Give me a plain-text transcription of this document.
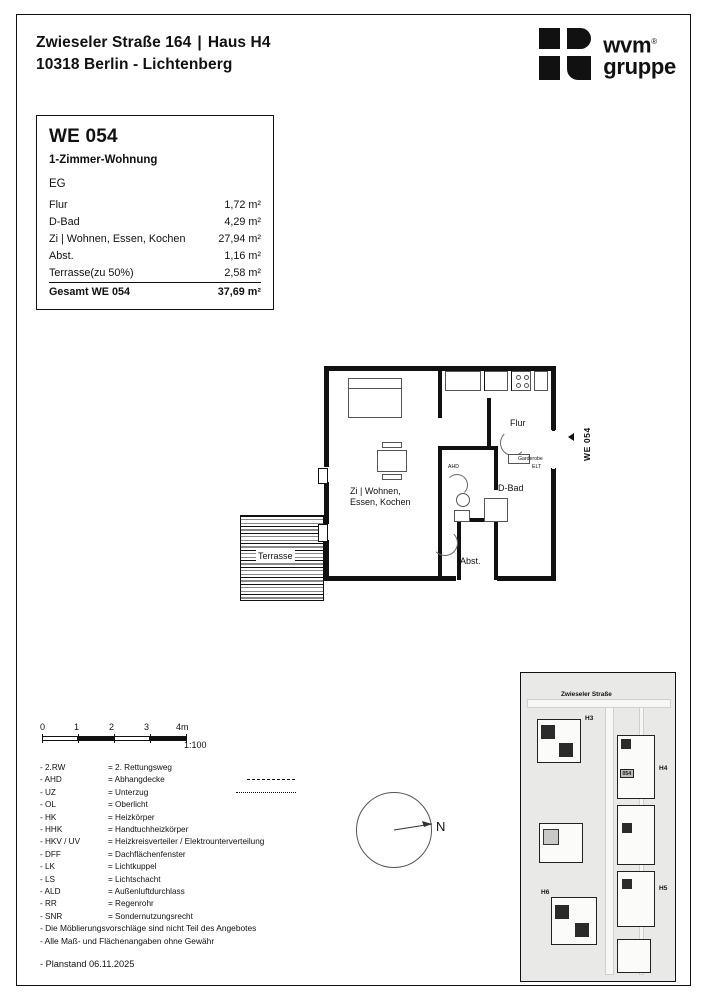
Zwieseler Straße 164 | Haus H4
10318 Berlin - Lichtenberg
wvm®
gruppe
WE 054
1-Zimmer-Wohnung
EG
Flur	1,72 m²
D-Bad	4,29 m²
Zi | Wohnen, Essen, Kochen	27,94 m²
Abst.	1,16 m²
Terrasse(zu 50%)	2,58 m²
Gesamt WE 054	37,69 m²
WE 054
Zi | Wohnen,
Essen, Kochen
Flur
D-Bad
AHD	ELT
Garderobe
Abst.
Terrasse
0	1	2	3	4m
1:100
- 2.RW	= 2. Rettungsweg
- AHD	= Abhangdecke
- UZ	= Unterzug
- OL	= Oberlicht
- HK	= Heizkörper
- HHK	= Handtuchheizkörper
- HKV / UV	= Heizkreisverteiler / Elektrounterverteilung
- DFF	= Dachflächenfenster
- LK	= Lichtkuppel
- LS	= Lichtschacht
- ALD	= Außenluftdurchlass
- RR	= Regenrohr
- SNR	= Sondernutzungsrecht
- Die Möblierungsvorschläge sind nicht Teil des Angebotes
- Alle Maß- und Flächenangaben ohne Gewähr
- Planstand 06.11.2025
N
Zwieseler Straße
H3
054
H4
H5
H6
